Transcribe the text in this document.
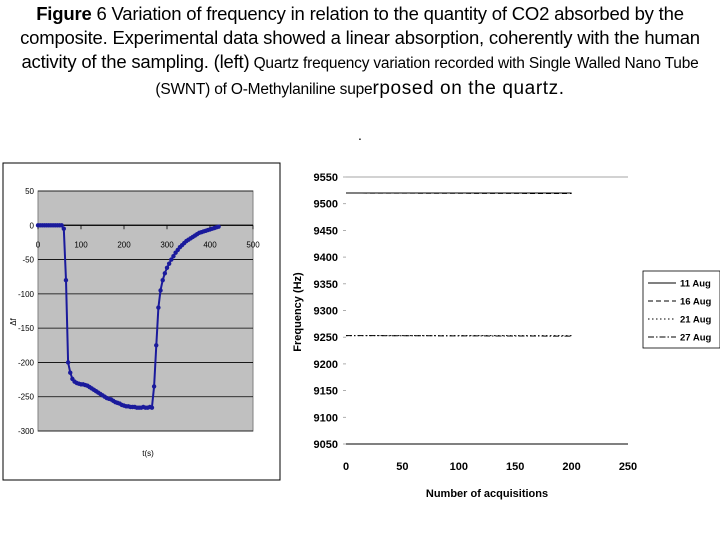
Figure 6 Variation of frequency in relation to the quantity of CO2 absorbed by the composite. Experimental data showed a linear absorption, coherently with the human activity of the sampling. (left) Quartz frequency variation recorded with Single Walled Nano Tube (SWNT) of O-Methylaniline superposed on the quartz.
.
0	100	200	300	400	500
50
0
-50
-100
-150
-200
-250
-300
t(s)
Δf
9550
9500
9450
9400
9350
9300
9250
9200
9150
9100
9050
0	50	100	150	200	250
Number of acquisitions
Frequency (Hz)	11 Aug
16 Aug
21 Aug
27 Aug
